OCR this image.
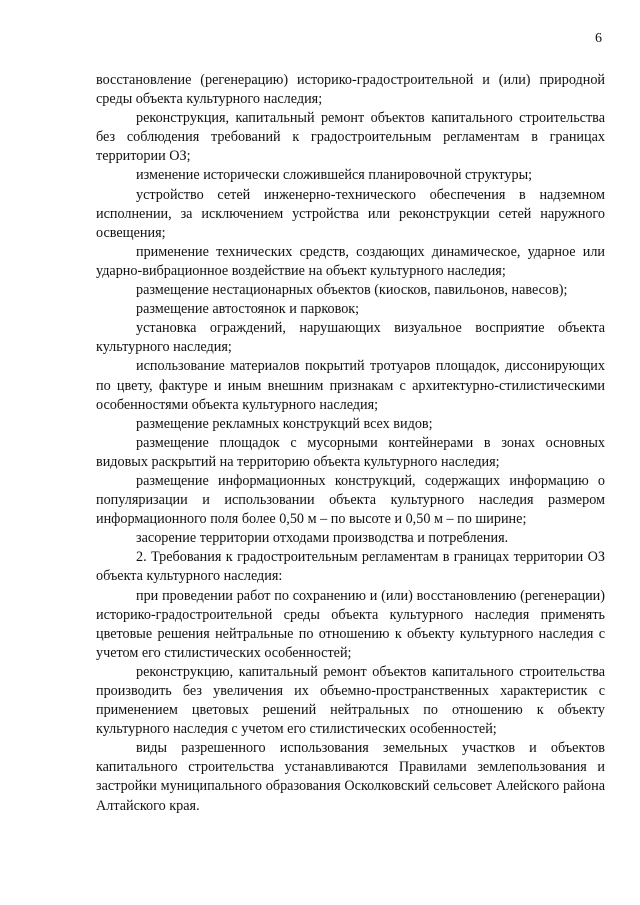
6

восстановление (регенерацию) историко-градостроительной и (или) природной среды объекта культурного наследия;

реконструкция, капитальный ремонт объектов капитального строительства без соблюдения требований к градостроительным регламентам в границах территории ОЗ;

изменение исторически сложившейся планировочной структуры;

устройство сетей инженерно-технического обеспечения в надземном исполнении, за исключением устройства или реконструкции сетей наружного освещения;

применение технических средств, создающих динамическое, ударное или ударно-вибрационное воздействие на объект культурного наследия;

размещение нестационарных объектов (киосков, павильонов, навесов);

размещение автостоянок и парковок;

установка ограждений, нарушающих визуальное восприятие объекта культурного наследия;

использование материалов покрытий тротуаров площадок, диссонирующих по цвету, фактуре и иным внешним признакам с архитектурно-стилистическими особенностями объекта культурного наследия;

размещение рекламных конструкций всех видов;

размещение площадок с мусорными контейнерами в зонах основных видовых раскрытий на территорию объекта культурного наследия;

размещение информационных конструкций, содержащих информацию о популяризации и использовании объекта культурного наследия размером информационного поля более 0,50 м – по высоте и 0,50 м – по ширине;

засорение территории отходами производства и потребления.

2. Требования к градостроительным регламентам в границах территории ОЗ объекта культурного наследия:

при проведении работ по сохранению и (или) восстановлению (регенерации) историко-градостроительной среды объекта культурного наследия применять цветовые решения нейтральные по отношению к объекту культурного наследия с учетом его стилистических особенностей;

реконструкцию, капитальный ремонт объектов капитального строительства производить без увеличения их объемно-пространственных характеристик с применением цветовых решений нейтральных по отношению к объекту культурного наследия с учетом его стилистических особенностей;

виды разрешенного использования земельных участков и объектов капитального строительства устанавливаются Правилами землепользования и застройки муниципального образования Осколковский сельсовет Алейского района Алтайского края.
